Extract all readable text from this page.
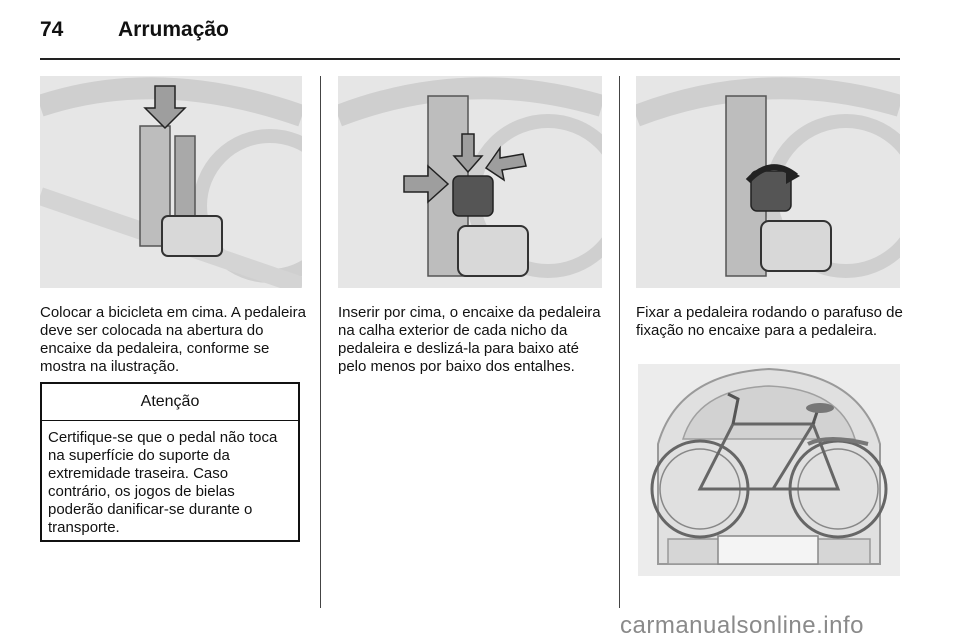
74	Arrumação
Colocar a bicicleta em cima. A pedaleira deve ser colocada na abertura do encaixe da pedaleira, conforme se mostra na ilustração.
Atenção
Certifique-se que o pedal não toca na superfície do suporte da extremidade traseira. Caso contrário, os jogos de bielas poderão danificar-se durante o transporte.
Inserir por cima, o encaixe da pedaleira na calha exterior de cada nicho da pedaleira e deslizá-la para baixo até pelo menos por baixo dos entalhes.
Fixar a pedaleira rodando o parafuso de fixação no encaixe para a pedaleira.
carmanualsonline.info
